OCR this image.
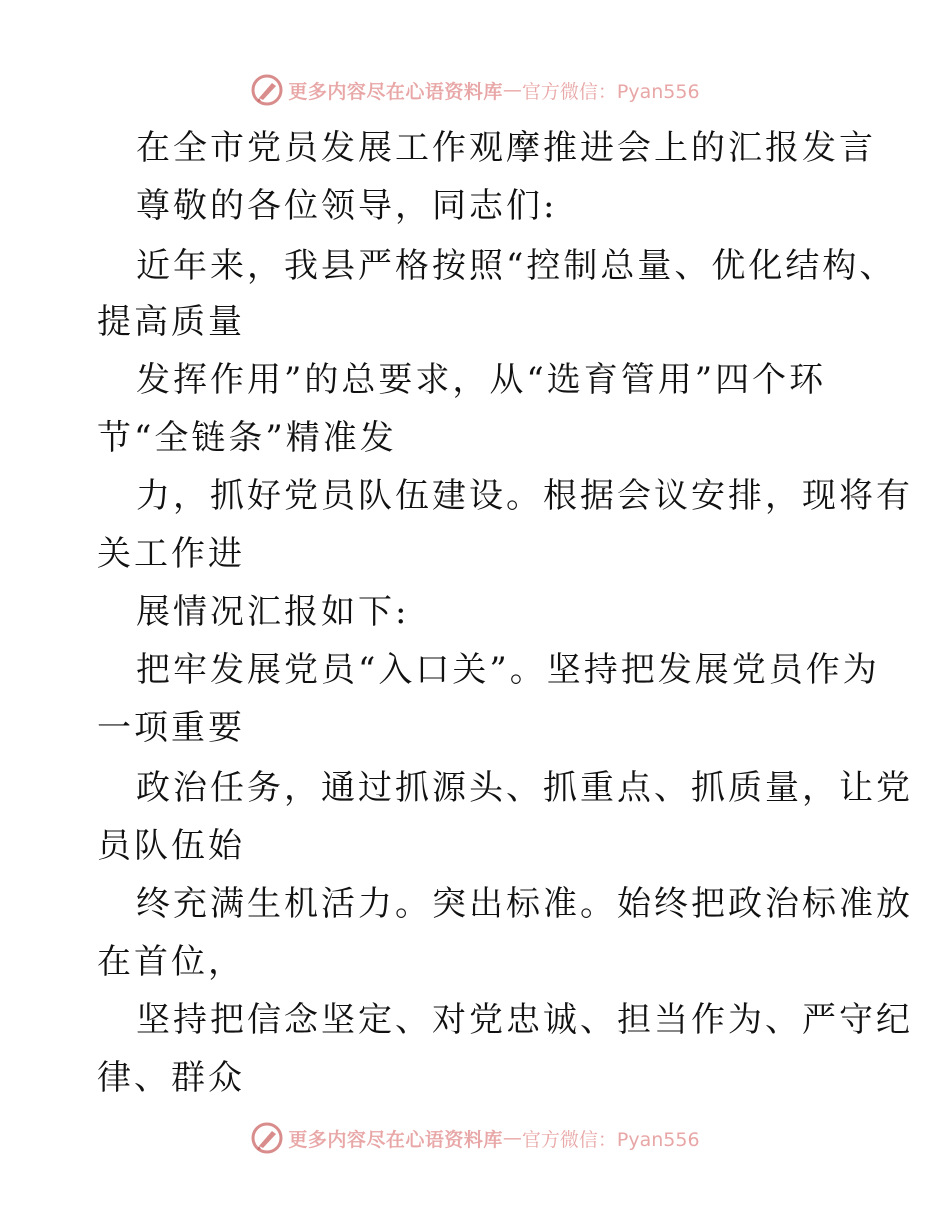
更多内容尽在心语资料库 — 官方微信：Pyan556
在全市党员发展工作观摩推进会上的汇报发言
尊敬的各位领导，同志们:
近年来，我县严格按照“控制总量、优化结构、
提高质量
发挥作用”的总要求，从“选育管用”四个环
节“全链条”精准发
力，抓好党员队伍建设。根据会议安排，现将有
关工作进
展情况汇报如下:
把牢发展党员“入口关”。坚持把发展党员作为
一项重要
政治任务，通过抓源头、抓重点、抓质量，让党
员队伍始
终充满生机活力。突出标准。始终把政治标准放
在首位，
坚持把信念坚定、对党忠诚、担当作为、严守纪
律、群众
更多内容尽在心语资料库 — 官方微信：Pyan556
